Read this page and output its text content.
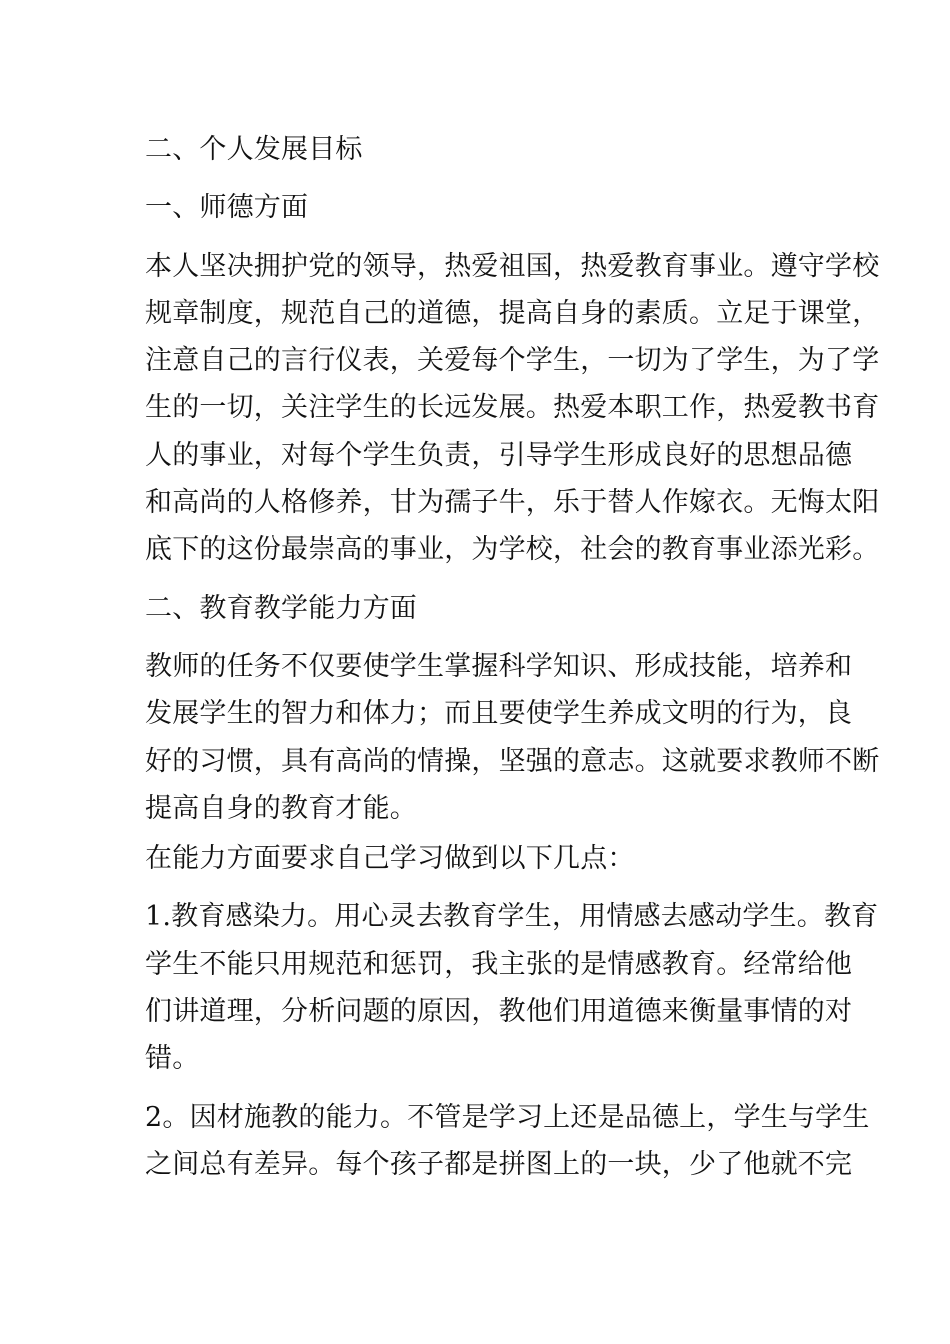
二、个人发展目标
一、师德方面
本人坚决拥护党的领导，热爱祖国，热爱教育事业。遵守学校
规章制度，规范自己的道德，提高自身的素质。立足于课堂，
注意自己的言行仪表，关爱每个学生，一切为了学生，为了学
生的一切，关注学生的长远发展。热爱本职工作，热爱教书育
人的事业，对每个学生负责，引导学生形成良好的思想品德
和高尚的人格修养，甘为孺子牛，乐于替人作嫁衣。无悔太阳
底下的这份最崇高的事业，为学校，社会的教育事业添光彩。
二、教育教学能力方面
教师的任务不仅要使学生掌握科学知识、形成技能，培养和
发展学生的智力和体力；而且要使学生养成文明的行为，良
好的习惯，具有高尚的情操，坚强的意志。这就要求教师不断
提高自身的教育才能。
在能力方面要求自己学习做到以下几点：
1.教育感染力。用心灵去教育学生，用情感去感动学生。教育
学生不能只用规范和惩罚，我主张的是情感教育。经常给他
们讲道理，分析问题的原因，教他们用道德来衡量事情的对
错。
2。因材施教的能力。不管是学习上还是品德上，学生与学生
之间总有差异。每个孩子都是拼图上的一块，少了他就不完
